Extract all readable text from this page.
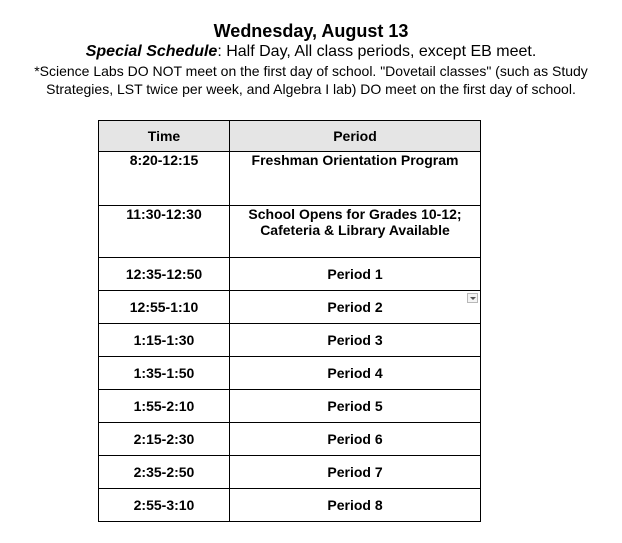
Wednesday, August 13

Special Schedule: Half Day, All class periods, except EB meet.

*Science Labs DO NOT meet on the first day of school. "Dovetail classes" (such as Study Strategies, LST twice per week, and Algebra I lab) DO meet on the first day of school.

Time	Period
8:20-12:15	Freshman Orientation Program
11:30-12:30	School Opens for Grades 10-12;
Cafeteria & Library Available

12:35-12:50	Period 1
12:55-1:10	Period 2

1:15-1:30	Period 3
1:35-1:50	Period 4
1:55-2:10	Period 5
2:15-2:30	Period 6
2:35-2:50	Period 7
2:55-3:10	Period 8
